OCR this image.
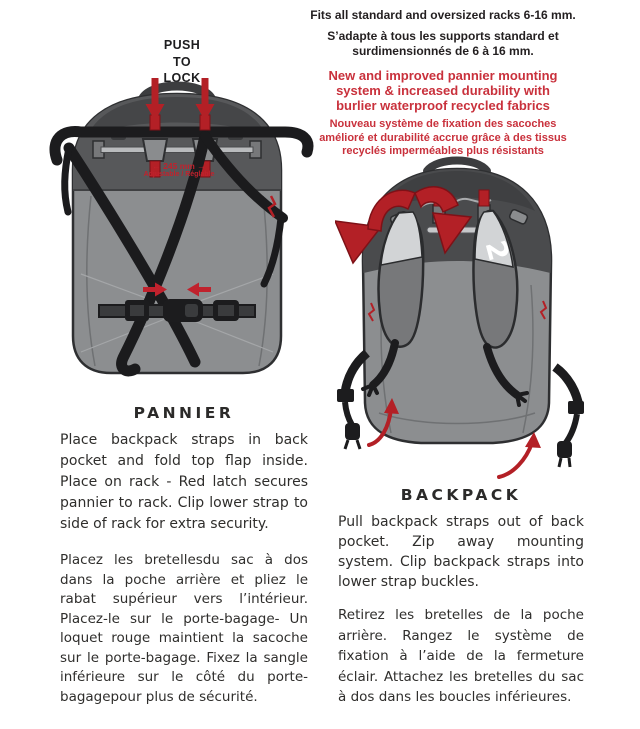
Fits all standard and oversized racks 6-16 mm.
S’adapte à tous les supports standard et surdimensionnés de 6 à 16 mm.
New and improved pannier mounting system & increased durability with burlier waterproof recycled fabrics
Nouveau système de fixation des sacoches amélioré et durabilité accrue grâce à des tissus recyclés imperméables plus résistants
PUSH
TO
LOCK
← 245 mm →
Adjustable / Réglable
2
PANNIER
Place backpack straps in back pocket and fold top flap inside. Place on rack - Red latch secures pannier to rack. Clip lower strap to side of rack for extra security.
Placez les bretellesdu sac à dos dans la poche arrière et pliez le rabat supérieur vers l’intérieur. Placez-le sur le porte-bagage- Un loquet rouge maintient la sacoche sur le porte-bagage. Fixez la sangle inférieure sur le côté du porte-bagagepour plus de sécurité.
BACKPACK
Pull backpack straps out of back pocket. Zip away mounting system. Clip backpack straps into lower strap buckles.
Retirez les bretelles de la poche arrière. Rangez le système de fixation à l’aide de la fermeture éclair. Attachez les bretelles du sac à dos dans les boucles inférieures.
